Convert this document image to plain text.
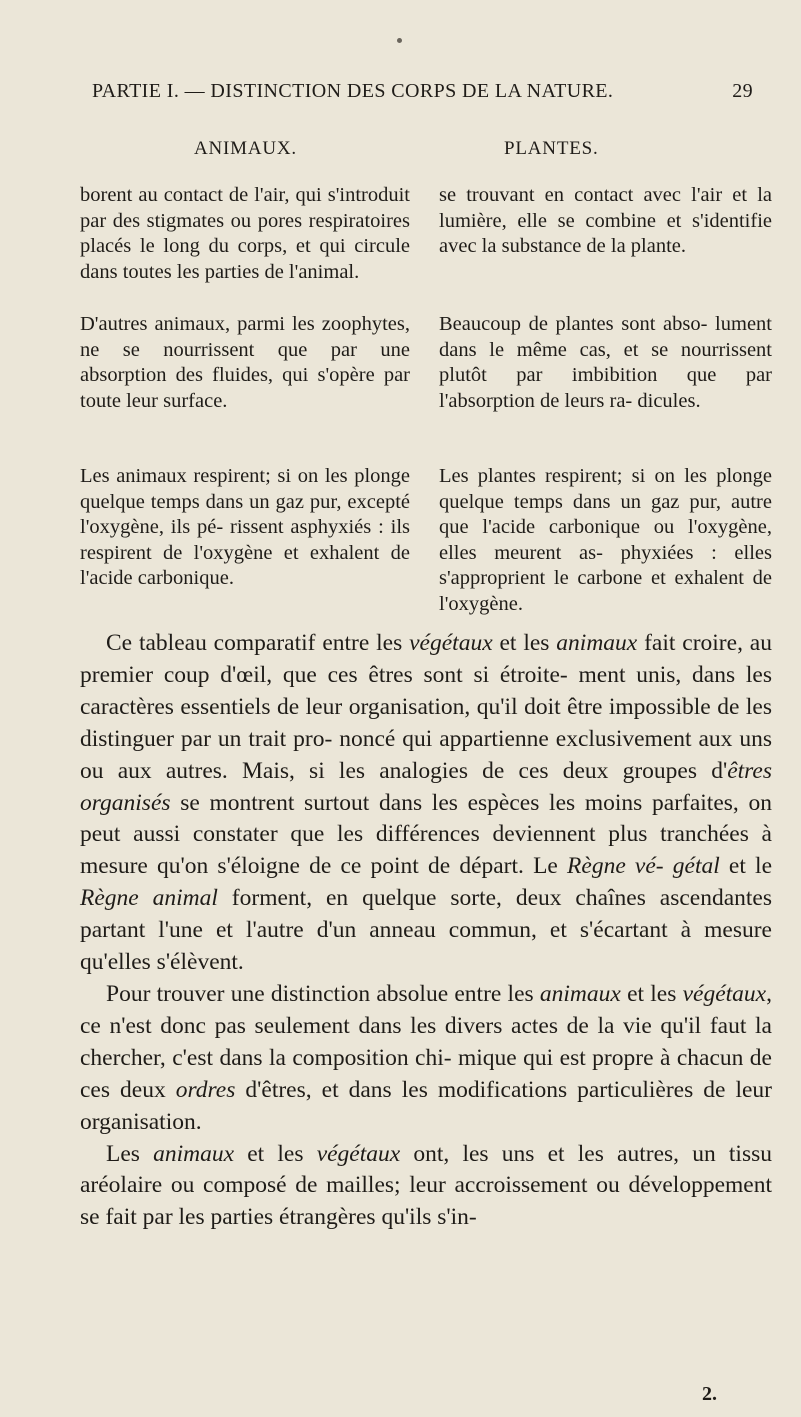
PARTIE I. — DISTINCTION DES CORPS DE LA NATURE.	29
ANIMAUX.	PLANTES.

borent au contact de l'air, qui s'introduit par des stigmates ou pores respiratoires placés le long du corps, et qui circule dans toutes les parties de l'animal.

D'autres animaux, parmi les zoophytes, ne se nourrissent que par une absorption des fluides, qui s'opère par toute leur surface.

Les animaux respirent; si on les plonge quelque temps dans un gaz pur, excepté l'oxygène, ils pé- rissent asphyxiés : ils respirent de l'oxygène et exhalent de l'acide carbonique.

se trouvant en contact avec l'air et la lumière, elle se combine et s'identifie avec la substance de la plante.

Beaucoup de plantes sont abso- lument dans le même cas, et se nourrissent plutôt par imbibition que par l'absorption de leurs ra- dicules.

Les plantes respirent; si on les plonge quelque temps dans un gaz pur, autre que l'acide carbonique ou l'oxygène, elles meurent as- phyxiées : elles s'approprient le carbone et exhalent de l'oxygène.

Ce tableau comparatif entre les végétaux et les animaux fait croire, au premier coup d'œil, que ces êtres sont si étroite- ment unis, dans les caractères essentiels de leur organisation, qu'il doit être impossible de les distinguer par un trait pro- noncé qui appartienne exclusivement aux uns ou aux autres. Mais, si les analogies de ces deux groupes d'êtres organisés se montrent surtout dans les espèces les moins parfaites, on peut aussi constater que les différences deviennent plus tranchées à mesure qu'on s'éloigne de ce point de départ. Le Règne vé- gétal et le Règne animal forment, en quelque sorte, deux chaînes ascendantes partant l'une et l'autre d'un anneau commun, et s'écartant à mesure qu'elles s'élèvent.

Pour trouver une distinction absolue entre les animaux et les végétaux, ce n'est donc pas seulement dans les divers actes de la vie qu'il faut la chercher, c'est dans la composition chi- mique qui est propre à chacun de ces deux ordres d'êtres, et dans les modifications particulières de leur organisation.

Les animaux et les végétaux ont, les uns et les autres, un tissu aréolaire ou composé de mailles; leur accroissement ou développement se fait par les parties étrangères qu'ils s'in-

2.
